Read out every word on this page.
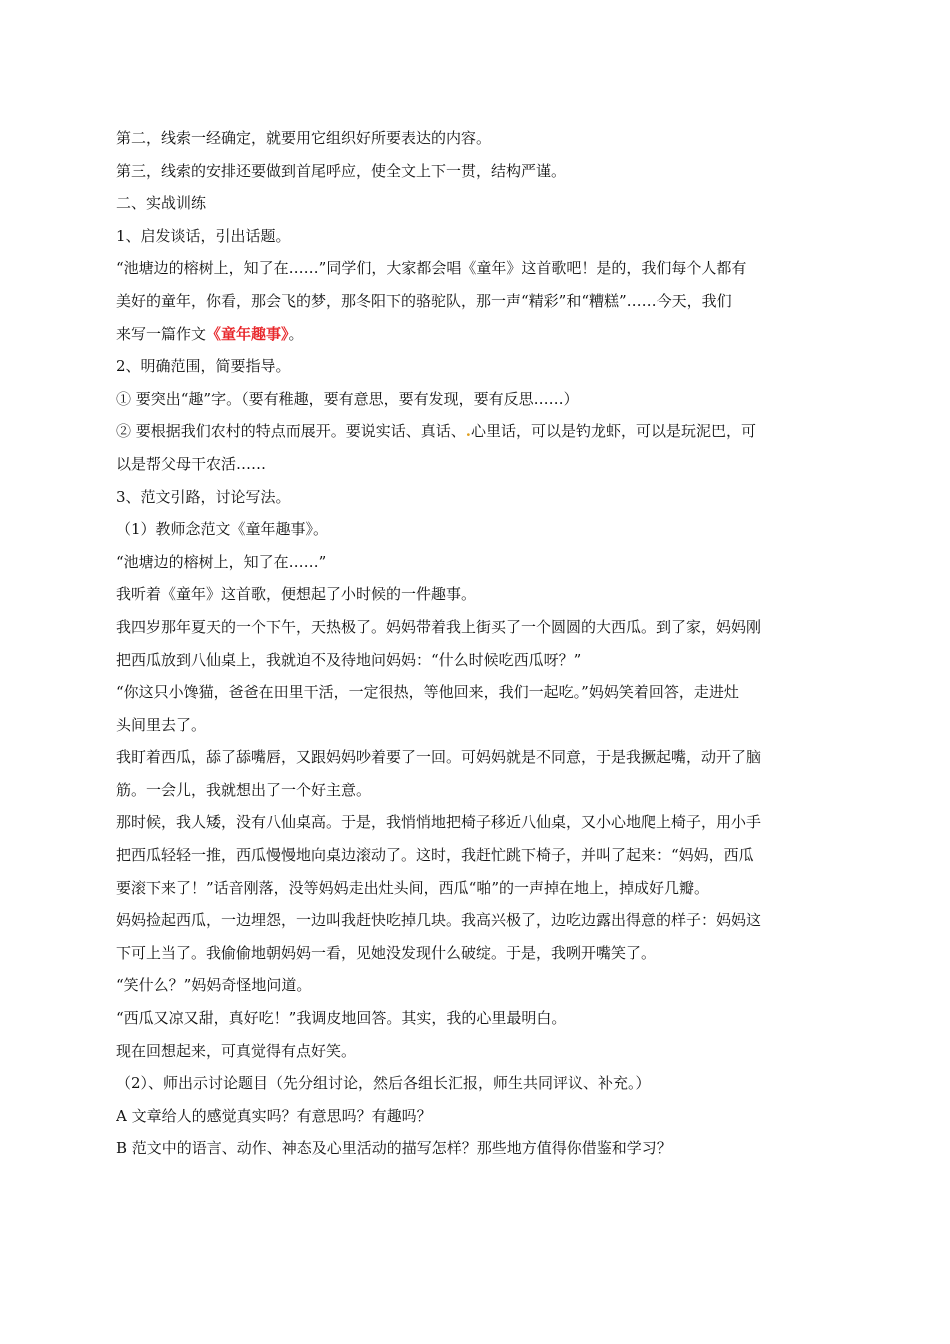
第二，线索一经确定，就要用它组织好所要表达的内容。
第三，线索的安排还要做到首尾呼应，使全文上下一贯，结构严谨。
二、实战训练
1、启发谈话，引出话题。
“池塘边的榕树上，知了在……”同学们，大家都会唱《童年》这首歌吧！是的，我们每个人都有
美好的童年，你看，那会飞的梦，那冬阳下的骆驼队，那一声“精彩”和“糟糕”……今天，我们
来写一篇作文《童年趣事》。
2、明确范围，简要指导。
① 要突出“趣”字。（要有稚趣，要有意思，要有发现，要有反思……）
② 要根据我们农村的特点而展开。要说实话、真话、.心里话，可以是钓龙虾，可以是玩泥巴，可
以是帮父母干农活……
3、范文引路，讨论写法。
（1）教师念范文《童年趣事》。
“池塘边的榕树上，知了在……”
我听着《童年》这首歌，便想起了小时候的一件趣事。
我四岁那年夏天的一个下午，天热极了。妈妈带着我上街买了一个圆圆的大西瓜。到了家，妈妈刚
把西瓜放到八仙桌上，我就迫不及待地问妈妈：“什么时候吃西瓜呀？”
“你这只小馋猫，爸爸在田里干活，一定很热，等他回来，我们一起吃。”妈妈笑着回答，走进灶
头间里去了。
我盯着西瓜，舔了舔嘴唇，又跟妈妈吵着要了一回。可妈妈就是不同意，于是我撅起嘴，动开了脑
筋。一会儿，我就想出了一个好主意。
那时候，我人矮，没有八仙桌高。于是，我悄悄地把椅子移近八仙桌，又小心地爬上椅子，用小手
把西瓜轻轻一推，西瓜慢慢地向桌边滚动了。这时，我赶忙跳下椅子，并叫了起来：“妈妈，西瓜
要滚下来了！”话音刚落，没等妈妈走出灶头间，西瓜“啪”的一声掉在地上，掉成好几瓣。
妈妈捡起西瓜，一边埋怨，一边叫我赶快吃掉几块。我高兴极了，边吃边露出得意的样子：妈妈这
下可上当了。我偷偷地朝妈妈一看，见她没发现什么破绽。于是，我咧开嘴笑了。
“笑什么？”妈妈奇怪地问道。
“西瓜又凉又甜，真好吃！”我调皮地回答。其实，我的心里最明白。
现在回想起来，可真觉得有点好笑。
（2）、师出示讨论题目（先分组讨论，然后各组长汇报，师生共同评议、补充。）
A 文章给人的感觉真实吗？有意思吗？有趣吗？
B 范文中的语言、动作、神态及心里活动的描写怎样？那些地方值得你借鉴和学习？
